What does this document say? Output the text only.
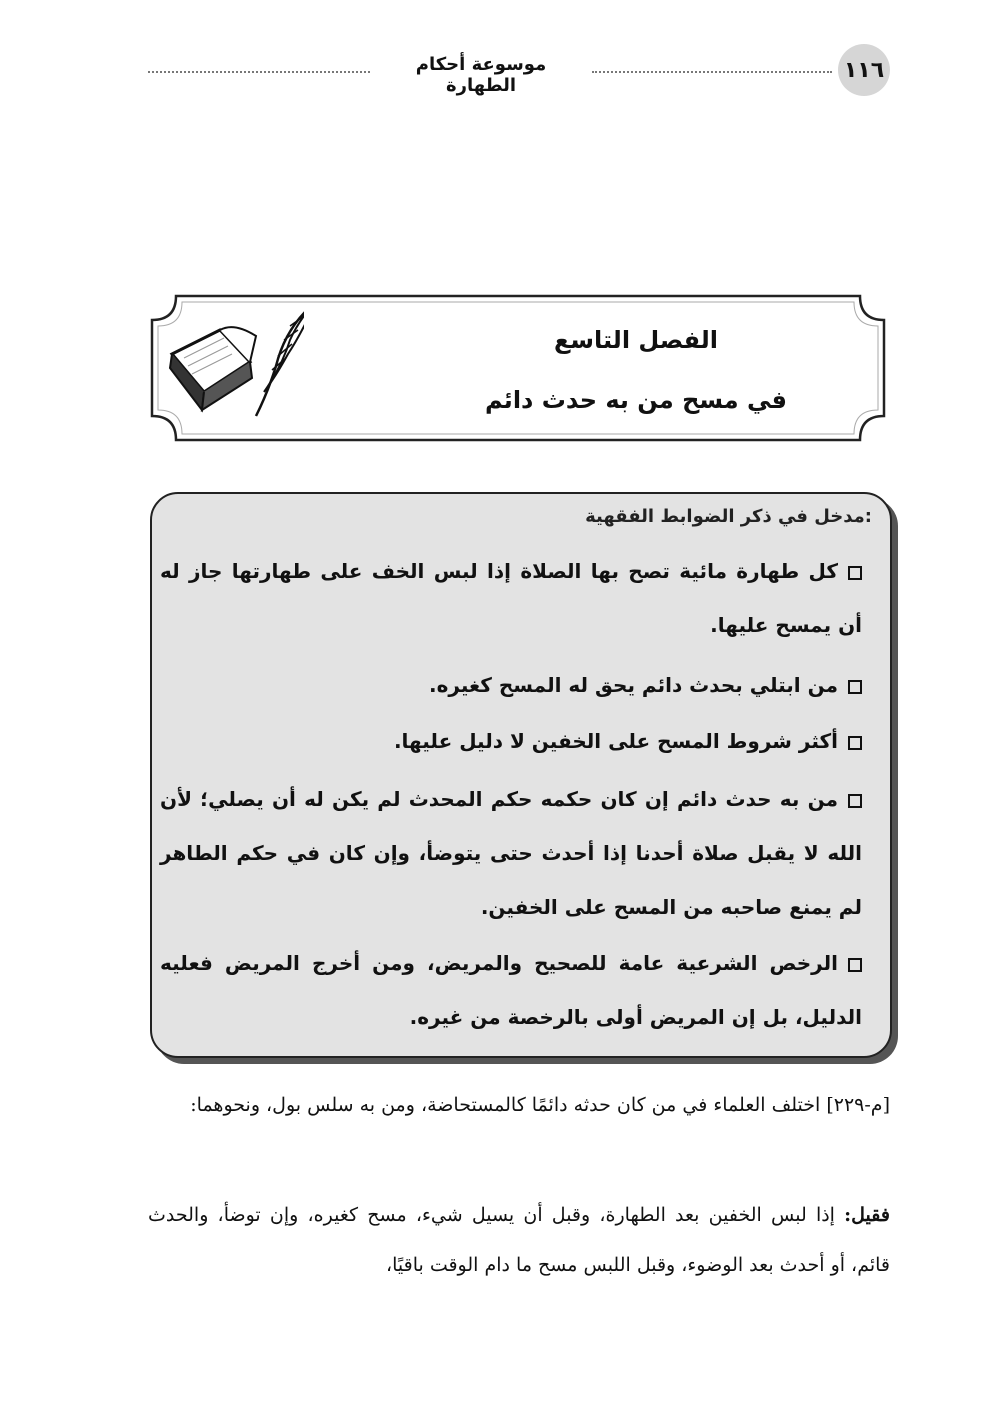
١١٦
موسوعة أحكام الطهارة
الفصل التاسع
في مسح من به حدث دائم
مدخل في ذكر الضوابط الفقهية:
كل طهارة مائية تصح بها الصلاة إذا لبس الخف على طهارتها جاز له أن يمسح عليها.
من ابتلي بحدث دائم يحق له المسح كغيره.
أكثر شروط المسح على الخفين لا دليل عليها.
من به حدث دائم إن كان حكمه حكم المحدث لم يكن له أن يصلي؛ لأن الله لا يقبل صلاة أحدنا إذا أحدث حتى يتوضأ، وإن كان في حكم الطاهر لم يمنع صاحبه من المسح على الخفين.
الرخص الشرعية عامة للصحيح والمريض، ومن أخرج المريض فعليه الدليل، بل إن المريض أولى بالرخصة من غيره.
[م-٢٢٩] اختلف العلماء في من كان حدثه دائمًا كالمستحاضة، ومن به سلس بول، ونحوهما:
فقيل: إذا لبس الخفين بعد الطهارة، وقبل أن يسيل شيء، مسح كغيره، وإن توضأ، والحدث قائم، أو أحدث بعد الوضوء، وقبل اللبس مسح ما دام الوقت باقيًا،
